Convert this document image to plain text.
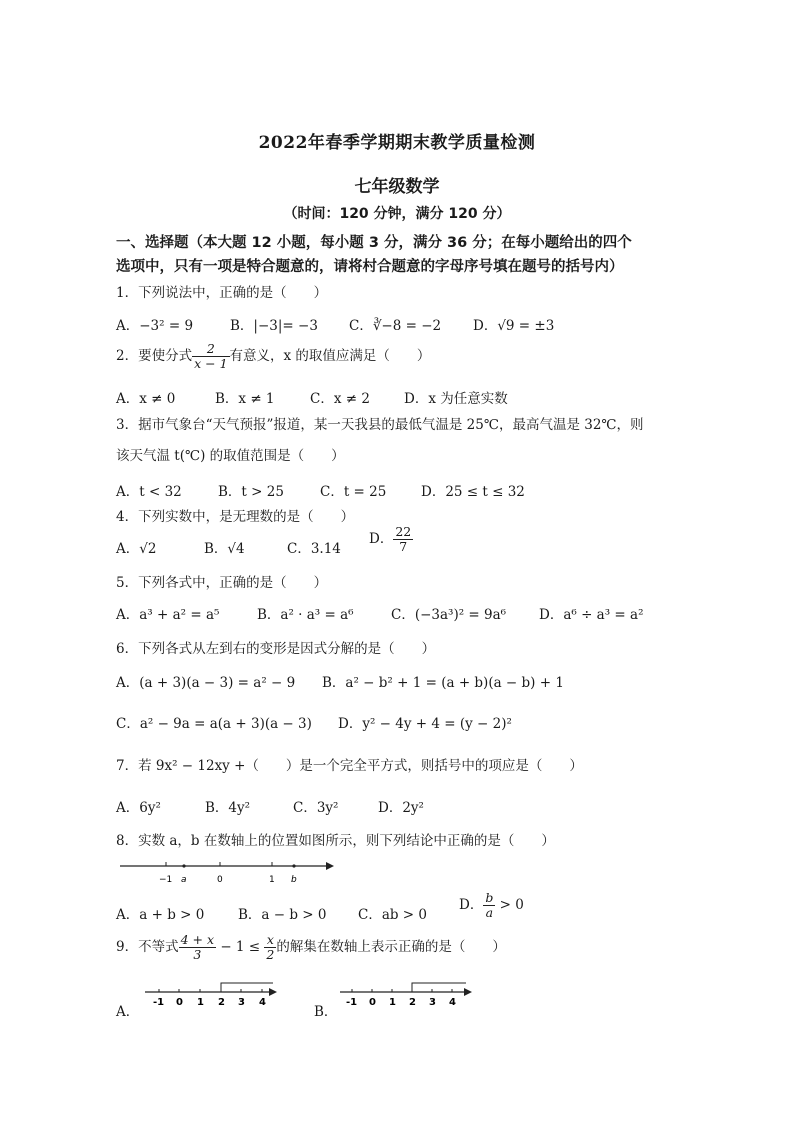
2022年春季学期期末教学质量检测
七年级数学
（时间：120 分钟，满分 120 分）
一、选择题（本大题 12 小题，每小题 3 分，满分 36 分；在每小题给出的四个
选项中，只有一项是特合题意的，请将村合题意的字母序号填在题号的括号内）
1．下列说法中，正确的是（　　）
A．−3² = 9	B．|−3|= −3 C．∛−8 = −2 D．√9 = ±3
2．要使分式 $\frac{2}{x - 1}$ 有意义，x 的取值应满足（　　）
A．x ≠ 0	B．x ≠ 1	C．x ≠ 2	D．x 为任意实数
3．据市气象台“天气预报”报道，某一天我县的最低气温是 25℃，最高气温是 32℃，则
该天气温 t(℃) 的取值范围是（　　）
A．t < 32	B．t > 25	C．t = 25	D．25 ≤ t ≤ 32
4．下列实数中，是无理数的是（　　）
A．√2	B．√4	C．3.14
D． $\frac{22}{7}$
5．下列各式中，正确的是（　　）
A．a³ + a² = a⁵	B．a² · a³ = a⁶	C．(−3a³)² = 9a⁶ D．a⁶ ÷ a³ = a²
6．下列各式从左到右的变形是因式分解的是（　　）
A．(a + 3)(a − 3) = a² − 9 B．a² − b² + 1 = (a + b)(a − b) + 1
C．a² − 9a = a(a + 3)(a − 3) D．y² − 4y + 4 = (y − 2)²
7．若 9x² − 12xy +（　　）是一个完全平方式，则括号中的项应是（　　）
A．6y²	B．4y²	C．3y²	D．2y²
8．实数 a，b 在数轴上的位置如图所示，则下列结论中正确的是（　　）
−1 a	0	1 b
A．a + b > 0 B．a − b > 0 C．ab > 0
D． $\frac{b}{a} > 0$
9．不等式 $\frac{4 + x}{3} - 1 \le \frac{x}{2}$ 的解集在数轴上表示正确的是（　　）
A．
-1 0 1 2 3 4
B．
-1 0 1 2 3 4
